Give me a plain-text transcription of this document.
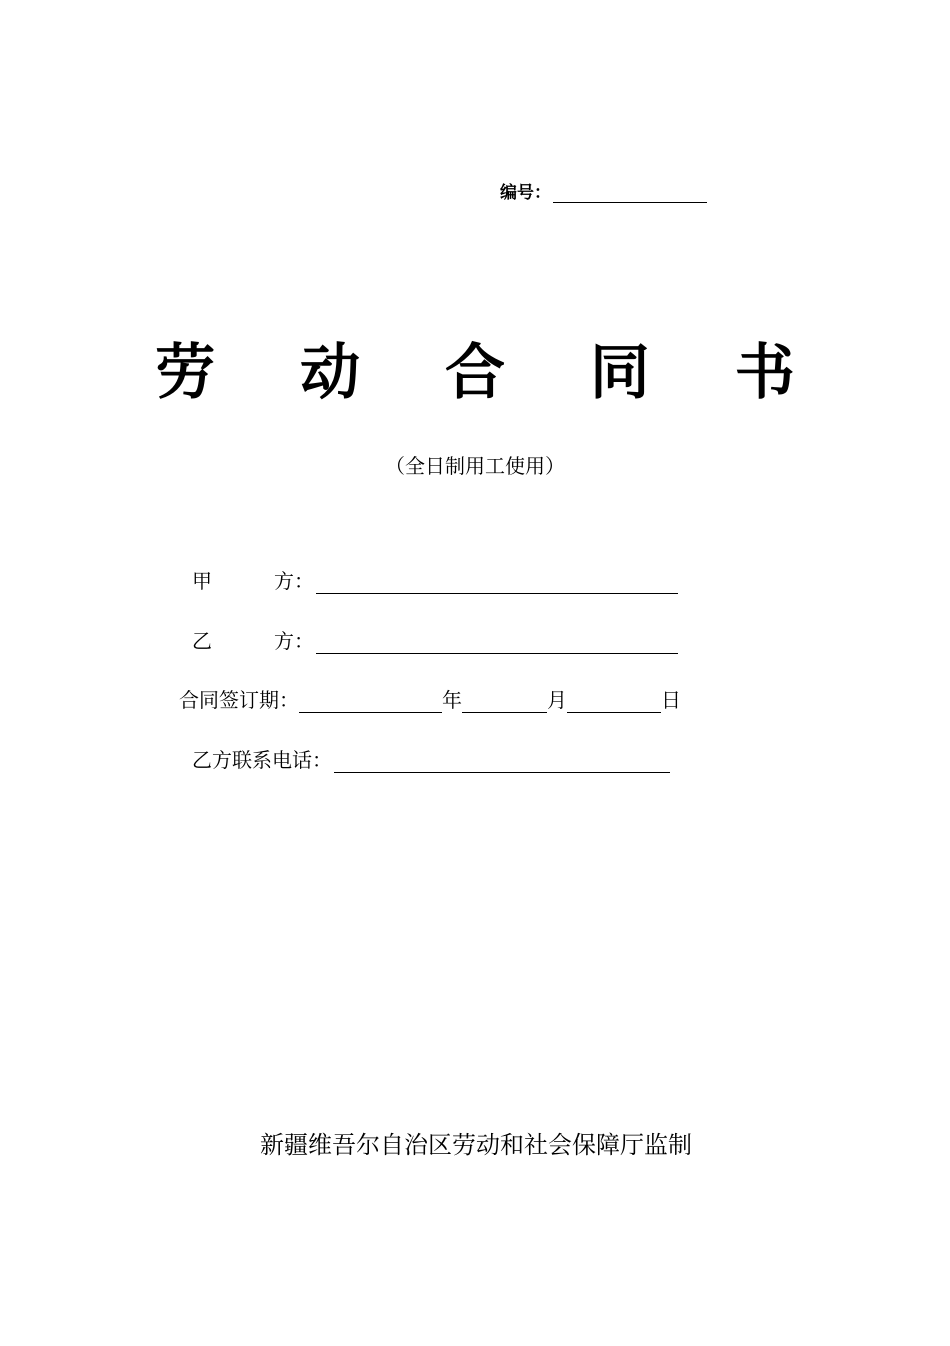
编号：
劳 动 合 同 书
（全日制用工使用）
甲	方：
乙	方：
合同签订期：	年	月	日
乙方联系电话：
新疆维吾尔自治区劳动和社会保障厅监制
